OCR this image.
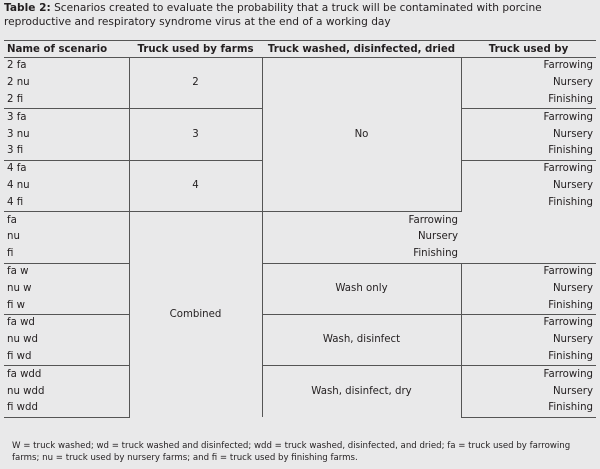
Table 2: Scenarios created to evaluate the probability that a truck will be contaminated with porcine reproductive and respiratory syndrome virus at the end of a working day
Name of scenario	Truck used by farms	Truck washed, disinfected, dried	Truck used by
2 fa	2	No	Farrowing
2 nu			Nursery
2 fi			Finishing
3 fa	3		Farrowing
3 nu			Nursery
3 fi			Finishing
4 fa	4		Farrowing
4 nu			Nursery
4 fi			Finishing
fa	Combined	Farrowing	
nu		Nursery	
fi		Finishing	
fa w		Wash only	Farrowing
nu w			Nursery
fi w			Finishing
fa wd		Wash, disinfect	Farrowing
nu wd			Nursery
fi wd			Finishing
fa wdd		Wash, disinfect, dry	Farrowing
nu wdd			Nursery
fi wdd			Finishing
W = truck washed; wd = truck washed and disinfected; wdd = truck washed, disinfected, and dried; fa = truck used by farrowing farms; nu = truck used by nursery farms; and fi = truck used by finishing farms.
